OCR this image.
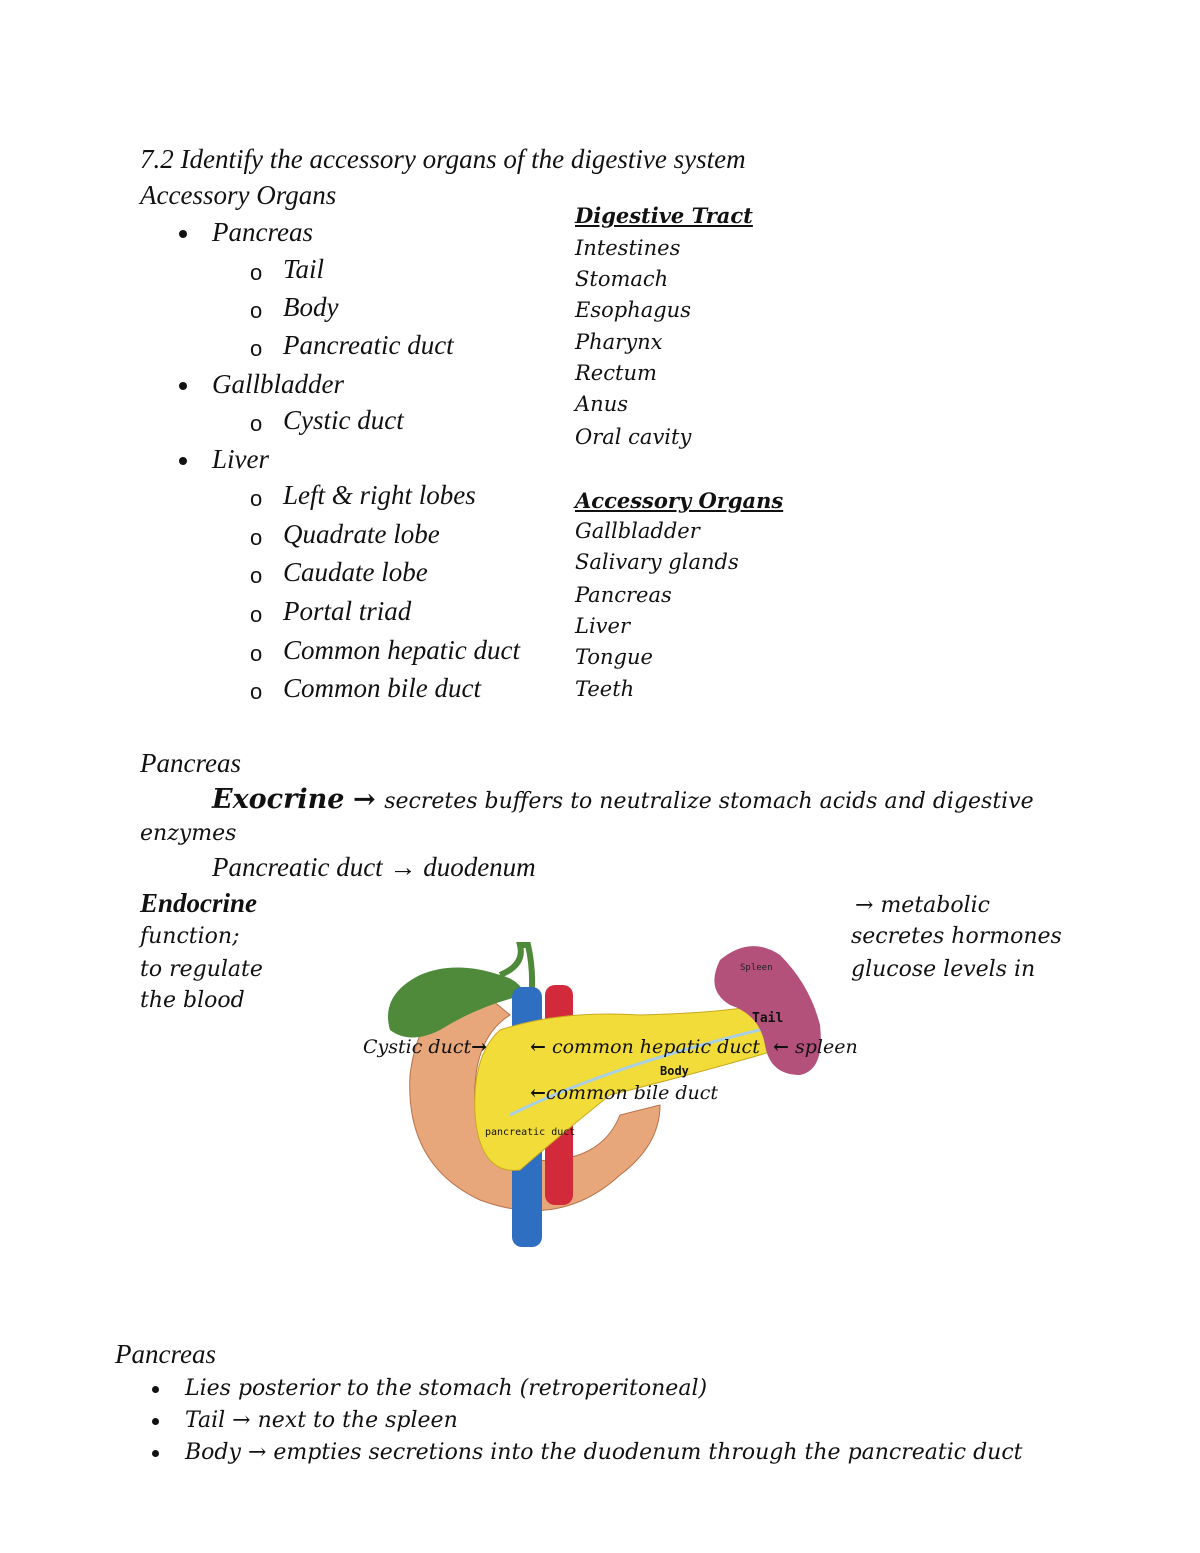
7.2 Identify the accessory organs of the digestive system
Accessory Organs
Pancreas
o Tail
o Body
o Pancreatic duct
Gallbladder
o Cystic duct
Liver
o Left & right lobes
o Quadrate lobe
o Caudate lobe
o Portal triad
o Common hepatic duct
o Common bile duct
Digestive Tract
Intestines
Stomach
Esophagus
Pharynx
Rectum
Anus
Oral cavity
Accessory Organs
Gallbladder
Salivary glands
Pancreas
Liver
Tongue
Teeth
Pancreas
Exocrine → secretes buffers to neutralize stomach acids and digestive
enzymes
Pancreatic duct → duodenum
Endocrine
function;
to regulate
the blood
→ metabolic
secretes hormones
glucose levels in
Spleen
Tail
Body
pancreatic duct
Cystic duct→ ← common hepatic duct ← spleen
←common bile duct
Pancreas
Lies posterior to the stomach (retroperitoneal)
Tail → next to the spleen
Body → empties secretions into the duodenum through the pancreatic duct
